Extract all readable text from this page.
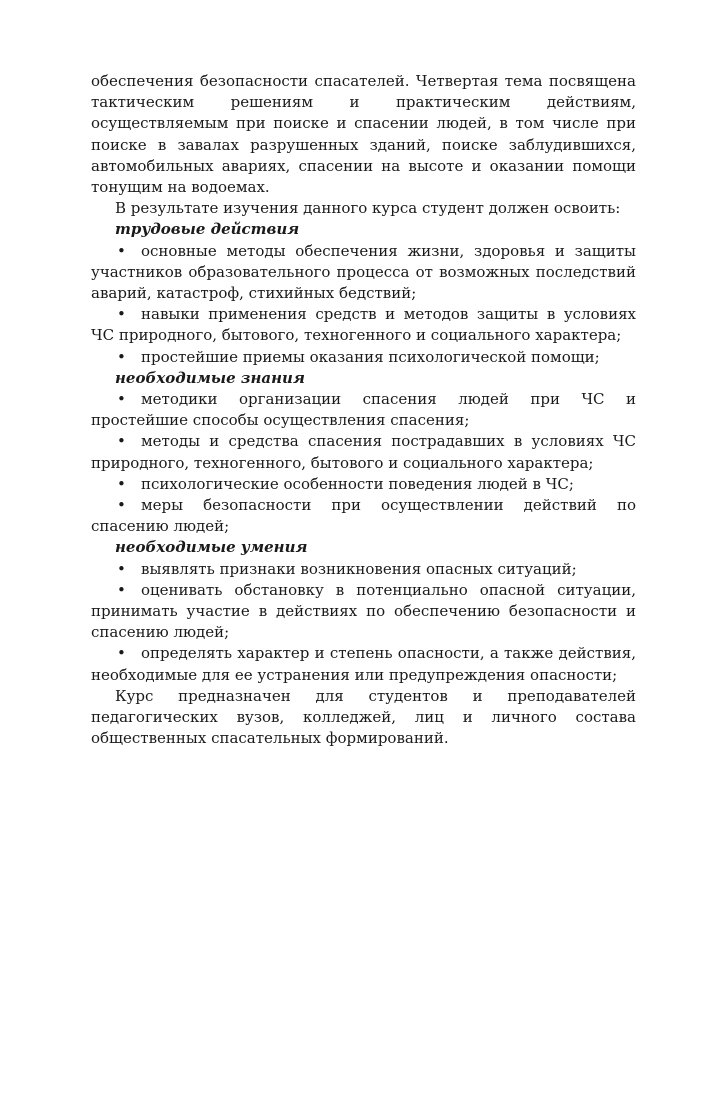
обеспечения безопасности спасателей. Четвертая тема посвящена тактическим решениям и практическим действиям, осуществляемым при поиске и спасении людей, в том числе при поиске в завалах разрушенных зданий, поиске заблудившихся, автомобильных авариях, спасении на высоте и оказании помощи тонущим на водоемах.

В результате изучения данного курса студент должен освоить:

трудовые действия

• основные методы обеспечения жизни, здоровья и защиты участников образовательного процесса от возможных последствий аварий, катастроф, стихийных бедствий;

• навыки применения средств и методов защиты в условиях ЧС природного, бытового, техногенного и социального характера;

• простейшие приемы оказания психологической помощи;

необходимые знания

• методики организации спасения людей при ЧС и простейшие способы осуществления спасения;

• методы и средства спасения пострадавших в условиях ЧС природного, техногенного, бытового и социального характера;

• психологические особенности поведения людей в ЧС;

• меры безопасности при осуществлении действий по спасению людей;

необходимые умения

• выявлять признаки возникновения опасных ситуаций;

• оценивать обстановку в потенциально опасной ситуации, принимать участие в действиях по обеспечению безопасности и спасению людей;

• определять характер и степень опасности, а также действия, необходимые для ее устранения или предупреждения опасности;

Курс предназначен для студентов и преподавателей педагогических вузов, колледжей, лиц и личного состава общественных спасательных формирований.
